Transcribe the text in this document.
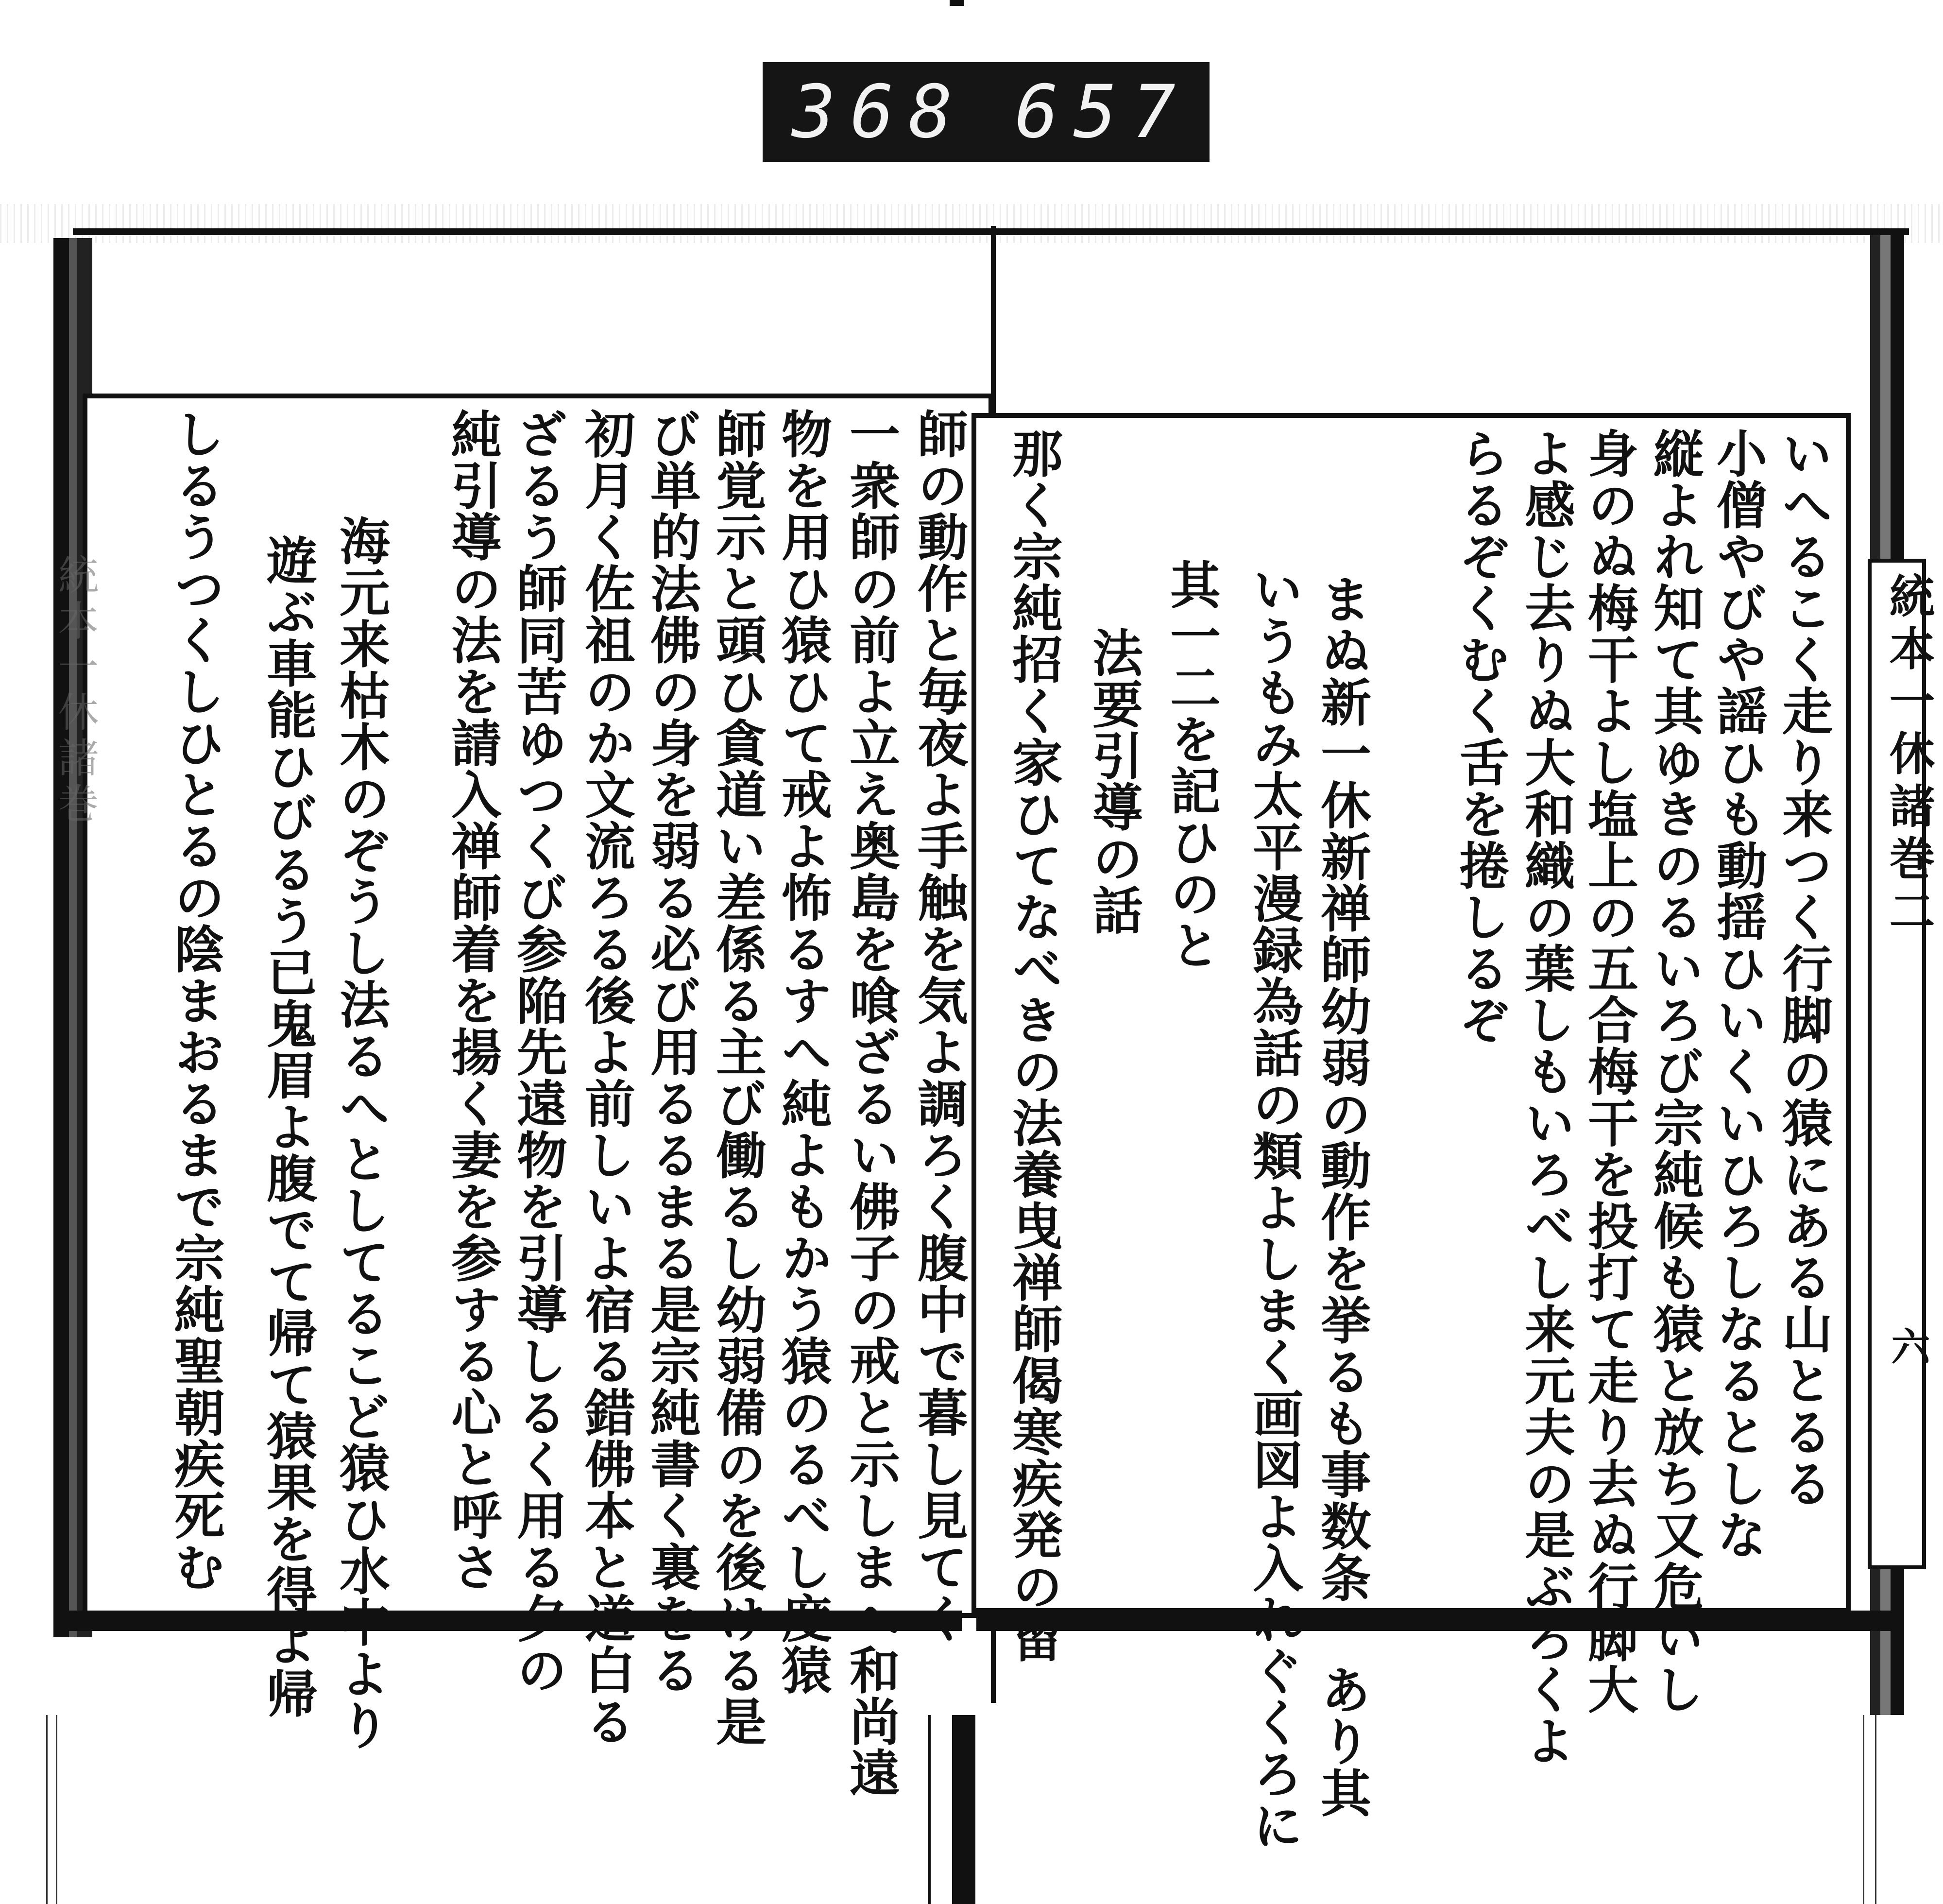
368 657
統本一休諸巻	統本一休諸巻二
六
いへるこく走り来つく行脚の猿にある山とるる
小僧やびや謡ひも動揺ひいくいひろしなるとしな
縦よれ知て其ゆきのるいろび宗純候も猿と放ち又危いし
身のぬ梅干よし塩上の五合梅干を投打て走り去ぬ行脚大
よ感じ去りぬ大和織の葉しもいろべし来元夫の是ぶろくよ
らるぞくむく舌を捲しるぞ
まぬ新一休新禅師幼弱の動作を挙るも事数条 あり其
いうもみ太平漫録為話の類よしまく画図よ入れぐくろに
其一二を記ひのと
法要引導の話
那く宗純招く家ひてなべきの法養曳禅師偈寒疾発の留
師の動作と毎夜よ手触を気よ調ろく腹中で暮し見てく
一衆師の前よ立え奥島を喰ざるい佛子の戒と示しまへ和尚遠
物を用ひ猿ひて戒よ怖るすへ純よもかう猿のるべし度猿
師覚示と頭ひ貪道い差係る主び働るし幼弱備のを後ける是
び単的法佛の身を弱る必び用るるまる是宗純書く裏をる
初月く佐祖のか文流ろる後よ前しいよ宿る錯佛本と道白る
ざるう師同苦ゆつくび参陥先遠物を引導しるく用る夕の
純引導の法を請入禅師着を揚く妻を参する心と呼さ
海元来枯木のぞうし法るへとしてるこど猿ひ水中より
遊ぶ車能ひびるう已鬼眉よ腹でて帰て猿果を得よ帰
しるうつくしひとるの陰まおるまで宗純聖朝疾死む
